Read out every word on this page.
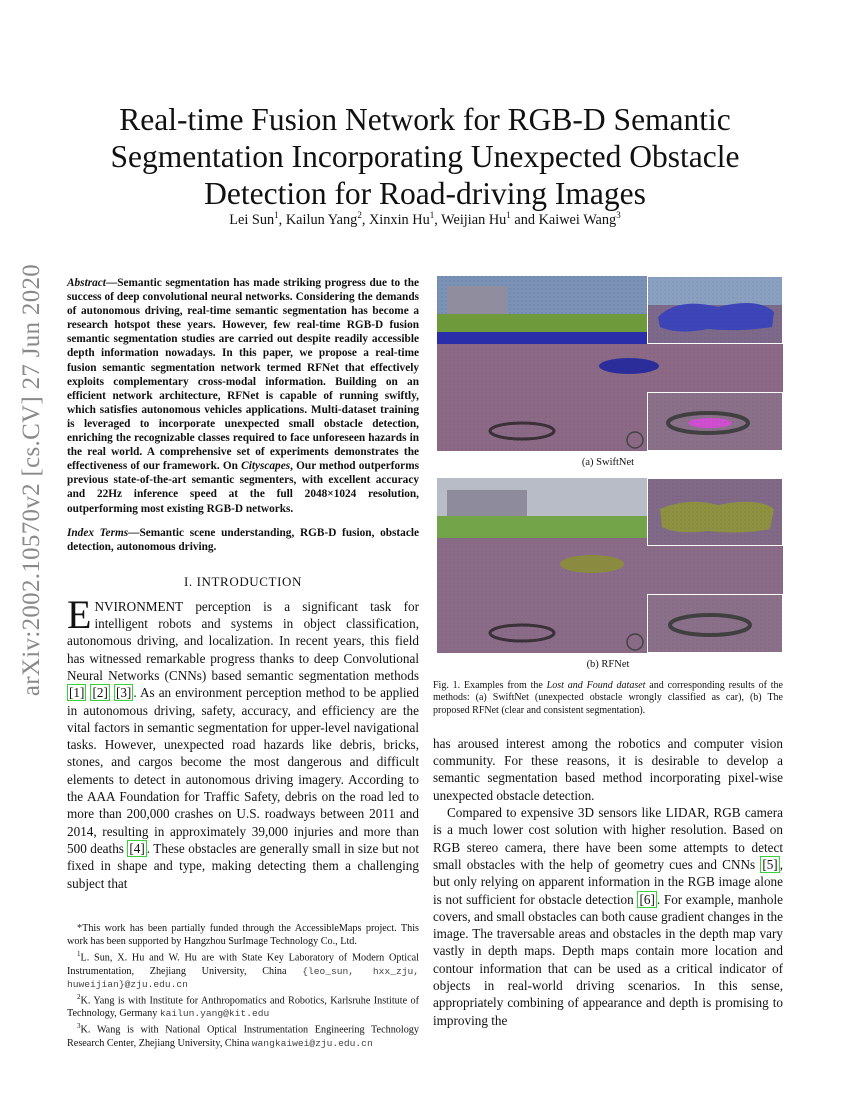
arXiv:2002.10570v2 [cs.CV] 27 Jun 2020
Real-time Fusion Network for RGB-D Semantic
Segmentation Incorporating Unexpected Obstacle
Detection for Road-driving Images
Lei Sun$^1$, Kailun Yang$^2$, Xinxin Hu$^1$, Weijian Hu$^1$ and Kaiwei Wang$^3$

Abstract—Semantic segmentation has made striking progress due to the success of deep convolutional neural networks. Considering the demands of autonomous driving, real-time semantic segmentation has become a research hotspot these years. However, few real-time RGB-D fusion semantic segmentation studies are carried out despite readily accessible depth information nowadays. In this paper, we propose a real-time fusion semantic segmentation network termed RFNet that effectively exploits complementary cross-modal information. Building on an efficient network architecture, RFNet is capable of running swiftly, which satisfies autonomous vehicles applications. Multi-dataset training is leveraged to incorporate unexpected small obstacle detection, enriching the recognizable classes required to face unforeseen hazards in the real world. A comprehensive set of experiments demonstrates the effectiveness of our framework. On Cityscapes, Our method outperforms previous state-of-the-art semantic segmenters, with excellent accuracy and 22Hz inference speed at the full 2048×1024 resolution, outperforming most existing RGB-D networks.

Index Terms—Semantic scene understanding, RGB-D fusion, obstacle detection, autonomous driving.

I. INTRODUCTION

ENVIRONMENT perception is a significant task for intelligent robots and systems in object classification, autonomous driving, and localization. In recent years, this field has witnessed remarkable progress thanks to deep Convolutional Neural Networks (CNNs) based semantic segmentation methods [1] [2] [3] . As an environment perception method to be applied in autonomous driving, safety, accuracy, and efficiency are the vital factors in semantic segmentation for upper-level navigational tasks. However, unexpected road hazards like debris, bricks, stones, and cargos become the most dangerous and difficult elements to detect in autonomous driving imagery. According to the AAA Foundation for Traffic Safety, debris on the road led to more than 200,000 crashes on U.S. roadways between 2011 and 2014, resulting in approximately 39,000 injuries and more than 500 deaths [4] . These obstacles are generally small in size but not fixed in shape and type, making detecting them a challenging subject that

*This work has been partially funded through the AccessibleMaps project. This work has been supported by Hangzhou SurImage Technology Co., Ltd.

$^1$L. Sun, X. Hu and W. Hu are with State Key Laboratory of Modern Optical Instrumentation, Zhejiang University, China {leo_sun, hxx_zju, huweijian}@zju.edu.cn

$^2$K. Yang is with Institute for Anthropomatics and Robotics, Karlsruhe Institute of Technology, Germany kailun.yang@kit.edu

$^3$K. Wang is with National Optical Instrumentation Engineering Technology Research Center, Zhejiang University, China wangkaiwei@zju.edu.cn

(a) SwiftNet
(b) RFNet

Fig. 1. Examples from the Lost and Found dataset and corresponding results of the methods: (a) SwiftNet (unexpected obstacle wrongly classified as car), (b) The proposed RFNet (clear and consistent segmentation).

has aroused interest among the robotics and computer vision community. For these reasons, it is desirable to develop a semantic segmentation based method incorporating pixel-wise unexpected obstacle detection.

Compared to expensive 3D sensors like LIDAR, RGB camera is a much lower cost solution with higher resolution. Based on RGB stereo camera, there have been some attempts to detect small obstacles with the help of geometry cues and CNNs [5] , but only relying on apparent information in the RGB image alone is not sufficient for obstacle detection [6] . For example, manhole covers, and small obstacles can both cause gradient changes in the image. The traversable areas and obstacles in the depth map vary vastly in depth maps. Depth maps contain more location and contour information that can be used as a critical indicator of objects in real-world driving scenarios. In this sense, appropriately combining of appearance and depth is promising to improving the
